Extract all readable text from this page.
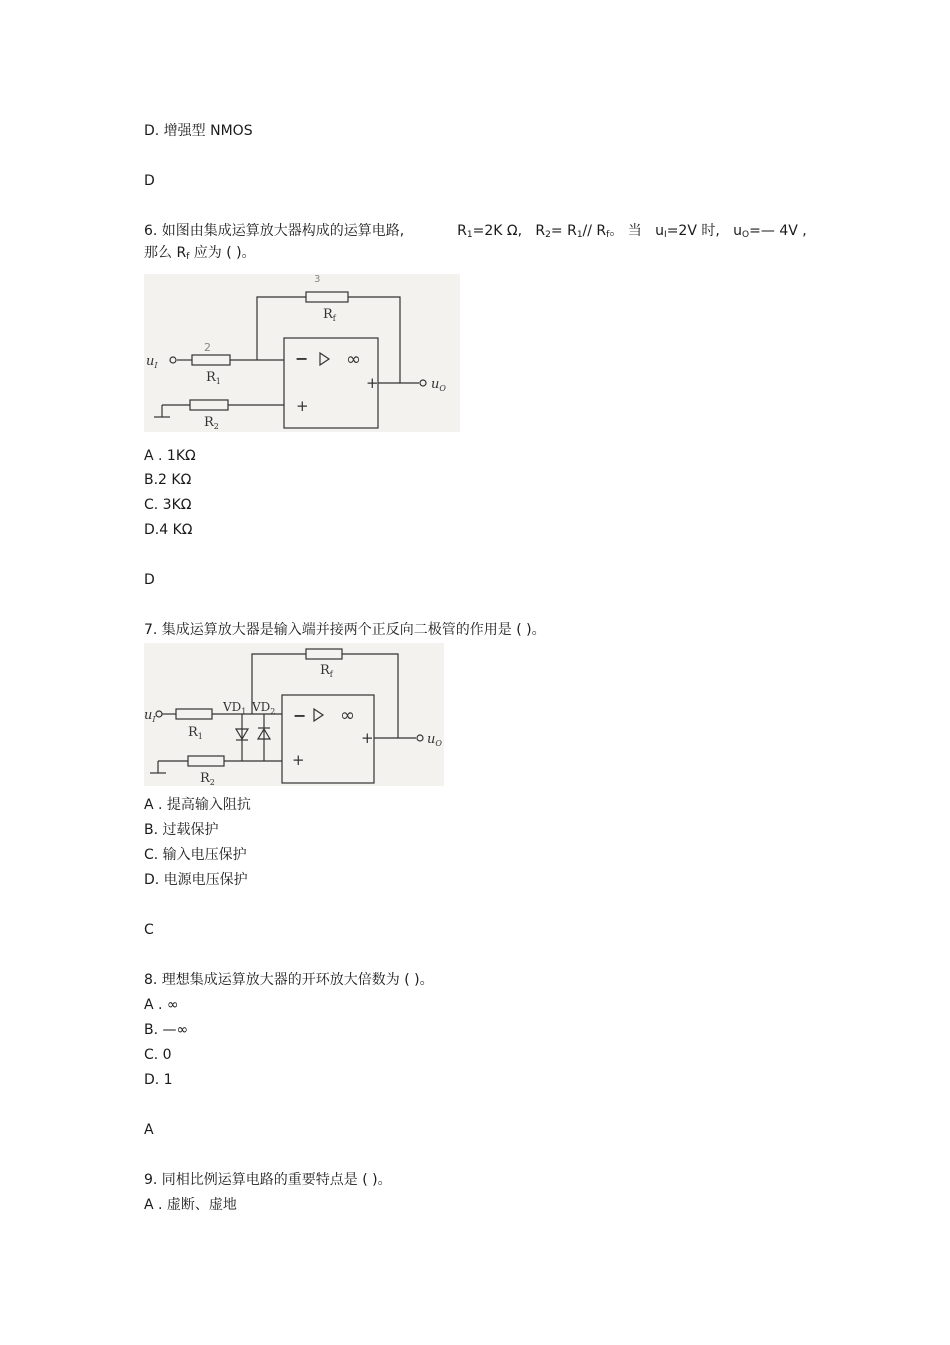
D. 增强型 NMOS
D
6. 如图由集成运算放大器构成的运算电路,	$R_1=2K$ Ω, $R_2= R_1//$ $R_f$。 当 $u_I=2V$ 时, $u_O=—$ 4V ,
那么 $R_f$ 应为 ( )。
−
+
+
∞
$R_f$
$R_1$
$R_2$
$u_I$
$u_O$
3
2
A . 1KΩ
B.2 KΩ
C. 3KΩ
D.4 KΩ
D
7. 集成运算放大器是输入端并接两个正反向二极管的作用是 ( )。
−
+
+
∞
$R_f$
$R_1$
$R_2$
$VD_1$ $VD_2$
$u_I$
$u_O$
A . 提高输入阻抗
B. 过载保护
C. 输入电压保护
D. 电源电压保护
C
8. 理想集成运算放大器的开环放大倍数为 ( )。
A . ∞
B. —∞
C. 0
D. 1
A
9. 同相比例运算电路的重要特点是 ( )。
A . 虚断、虚地
